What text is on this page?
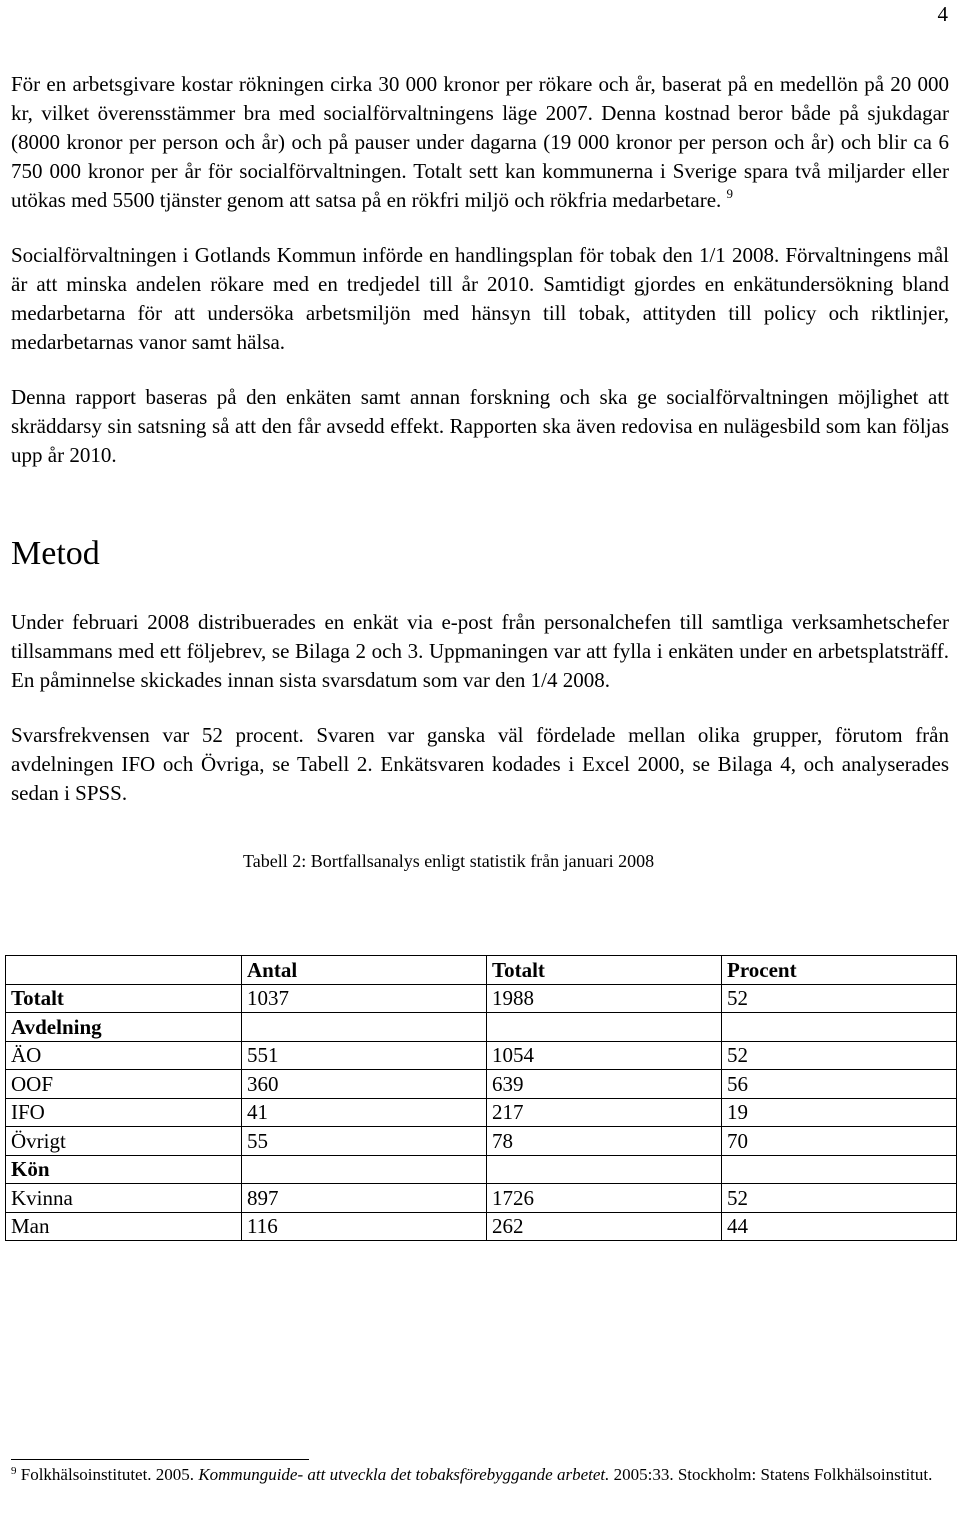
4

För en arbetsgivare kostar rökningen cirka 30 000 kronor per rökare och år, baserat på en medellön på 20 000 kr, vilket överensstämmer bra med socialförvaltningens läge 2007. Denna kostnad beror både på sjukdagar (8000 kronor per person och år) och på pauser under dagarna (19 000 kronor per person och år) och blir ca 6 750 000 kronor per år för socialförvaltningen. Totalt sett kan kommunerna i Sverige spara två miljarder eller utökas med 5500 tjänster genom att satsa på en rökfri miljö och rökfria medarbetare. $^9$

Socialförvaltningen i Gotlands Kommun införde en handlingsplan för tobak den 1/1 2008. Förvaltningens mål är att minska andelen rökare med en tredjedel till år 2010. Samtidigt gjordes en enkätundersökning bland medarbetarna för att undersöka arbetsmiljön med hänsyn till tobak, attityden till policy och riktlinjer, medarbetarnas vanor samt hälsa.

Denna rapport baseras på den enkäten samt annan forskning och ska ge socialförvaltningen möjlighet att skräddarsy sin satsning så att den får avsedd effekt. Rapporten ska även redovisa en nulägesbild som kan följas upp år 2010.

Metod

Under februari 2008 distribuerades en enkät via e-post från personalchefen till samtliga verksamhetschefer tillsammans med ett följebrev, se Bilaga 2 och 3. Uppmaningen var att fylla i enkäten under en arbetsplatsträff. En påminnelse skickades innan sista svarsdatum som var den 1/4 2008.

Svarsfrekvensen var 52 procent. Svaren var ganska väl fördelade mellan olika grupper, förutom från avdelningen IFO och Övriga, se Tabell 2. Enkätsvaren kodades i Excel 2000, se Bilaga 4, och analyserades sedan i SPSS.

Tabell 2: Bortfallsanalys enligt statistik från januari 2008
	Antal	Totalt	Procent
Totalt	1037	1988	52
Avdelning			
ÄO	551	1054	52
OOF	360	639	56
IFO	41	217	19
Övrigt	55	78	70
Kön			
Kvinna	897	1726	52
Man	116	262	44
$^9$ Folkhälsoinstitutet. 2005. Kommunguide- att utveckla det tobaksförebyggande arbetet. 2005:33. Stockholm: Statens Folkhälsoinstitut.
